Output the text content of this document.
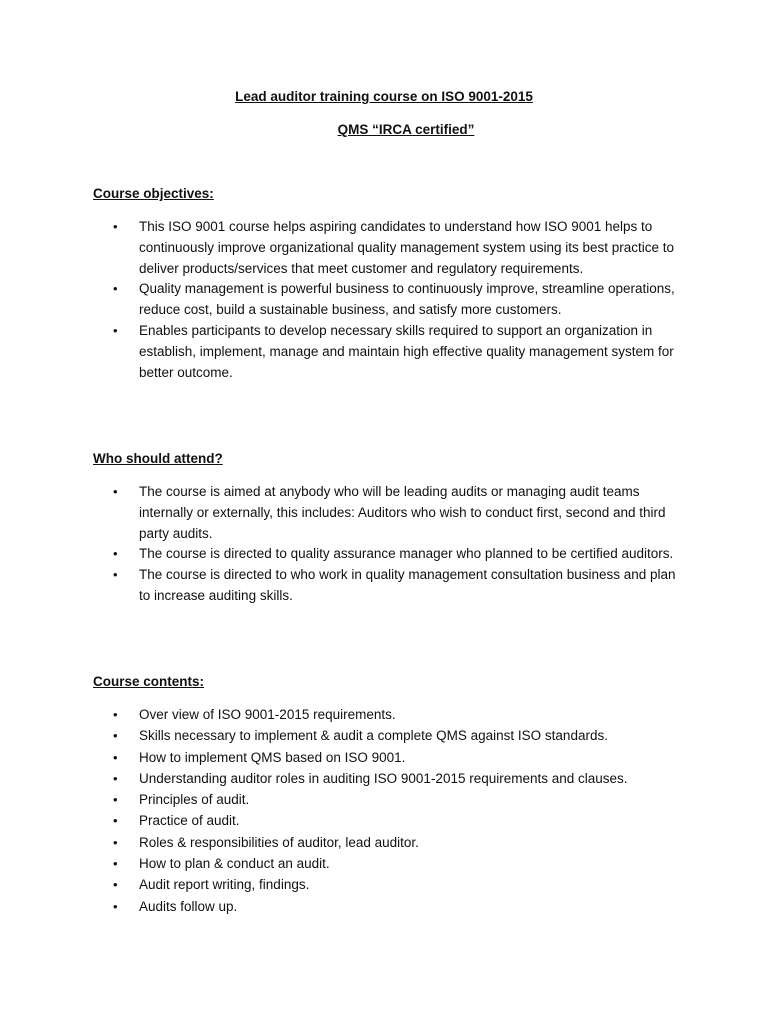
Lead auditor training course on ISO 9001-2015
QMS “IRCA certified”
Course objectives:
• This ISO 9001 course helps aspiring candidates to understand how ISO 9001 helps to continuously improve organizational quality management system using its best practice to deliver products/services that meet customer and regulatory requirements.
• Quality management is powerful business to continuously improve, streamline operations, reduce cost, build a sustainable business, and satisfy more customers.
• Enables participants to develop necessary skills required to support an organization in establish, implement, manage and maintain high effective quality management system for better outcome.
Who should attend?
• The course is aimed at anybody who will be leading audits or managing audit teams internally or externally, this includes: Auditors who wish to conduct first, second and third party audits.
• The course is directed to quality assurance manager who planned to be certified auditors.
• The course is directed to who work in quality management consultation business and plan to increase auditing skills.
Course contents:
• Over view of ISO 9001-2015 requirements.
• Skills necessary to implement & audit a complete QMS against ISO standards.
• How to implement QMS based on ISO 9001.
• Understanding auditor roles in auditing ISO 9001-2015 requirements and clauses.
• Principles of audit.
• Practice of audit.
• Roles & responsibilities of auditor, lead auditor.
• How to plan & conduct an audit.
• Audit report writing, findings.
• Audits follow up.
